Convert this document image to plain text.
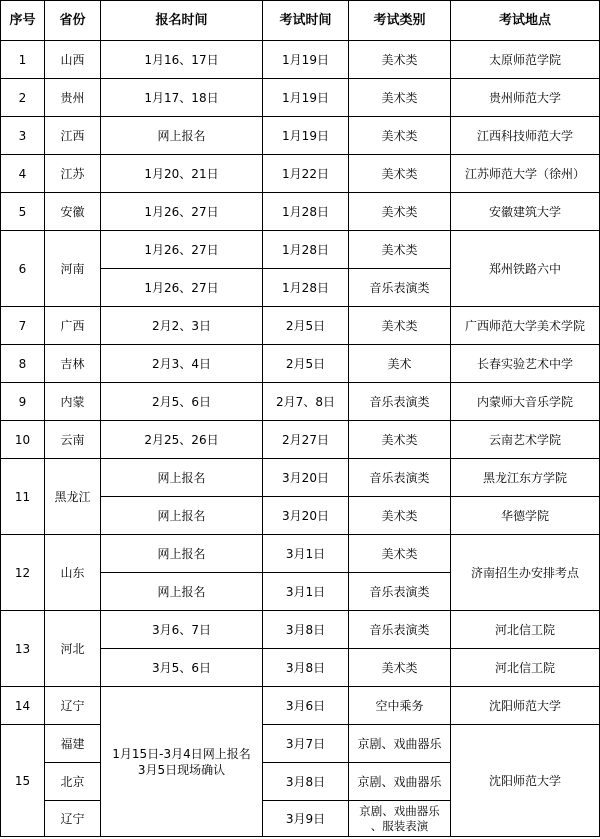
序号	省份	报名时间	考试时间	考试类别	考试地点
1	山西	1月16、17日	1月19日	美术类	太原师范学院
2	贵州	1月17、18日	1月19日	美术类	贵州师范大学
3	江西	网上报名	1月19日	美术类	江西科技师范大学
4	江苏	1月20、21日	1月22日	美术类	江苏师范大学（徐州）
5	安徽	1月26、27日	1月28日	美术类	安徽建筑大学
6	河南	1月26、27日	1月28日	美术类	郑州铁路六中
		1月26、27日	1月28日	音乐表演类	
7	广西	2月2、3日	2月5日	美术类	广西师范大学美术学院
8	吉林	2月3、4日	2月5日	美术	长春实验艺术中学
9	内蒙	2月5、6日	2月7、8日	音乐表演类	内蒙师大音乐学院
10	云南	2月25、26日	2月27日	美术类	云南艺术学院
11	黑龙江	网上报名	3月20日	音乐表演类	黑龙江东方学院
		网上报名	3月20日	美术类	华德学院
12	山东	网上报名	3月1日	美术类	济南招生办安排考点
		网上报名	3月1日	音乐表演类	
13	河北	3月6、7日	3月8日	音乐表演类	河北信工院
		3月5、6日	3月8日	美术类	河北信工院
14	辽宁	1月15日-3月4日网上报名
3月5日现场确认	3月6日	空中乘务	沈阳师范大学
15	福建		3月7日	京剧、戏曲器乐	沈阳师范大学
	北京		3月8日	京剧、戏曲器乐	
	辽宁		3月9日	京剧、戏曲器乐
、服装表演	
